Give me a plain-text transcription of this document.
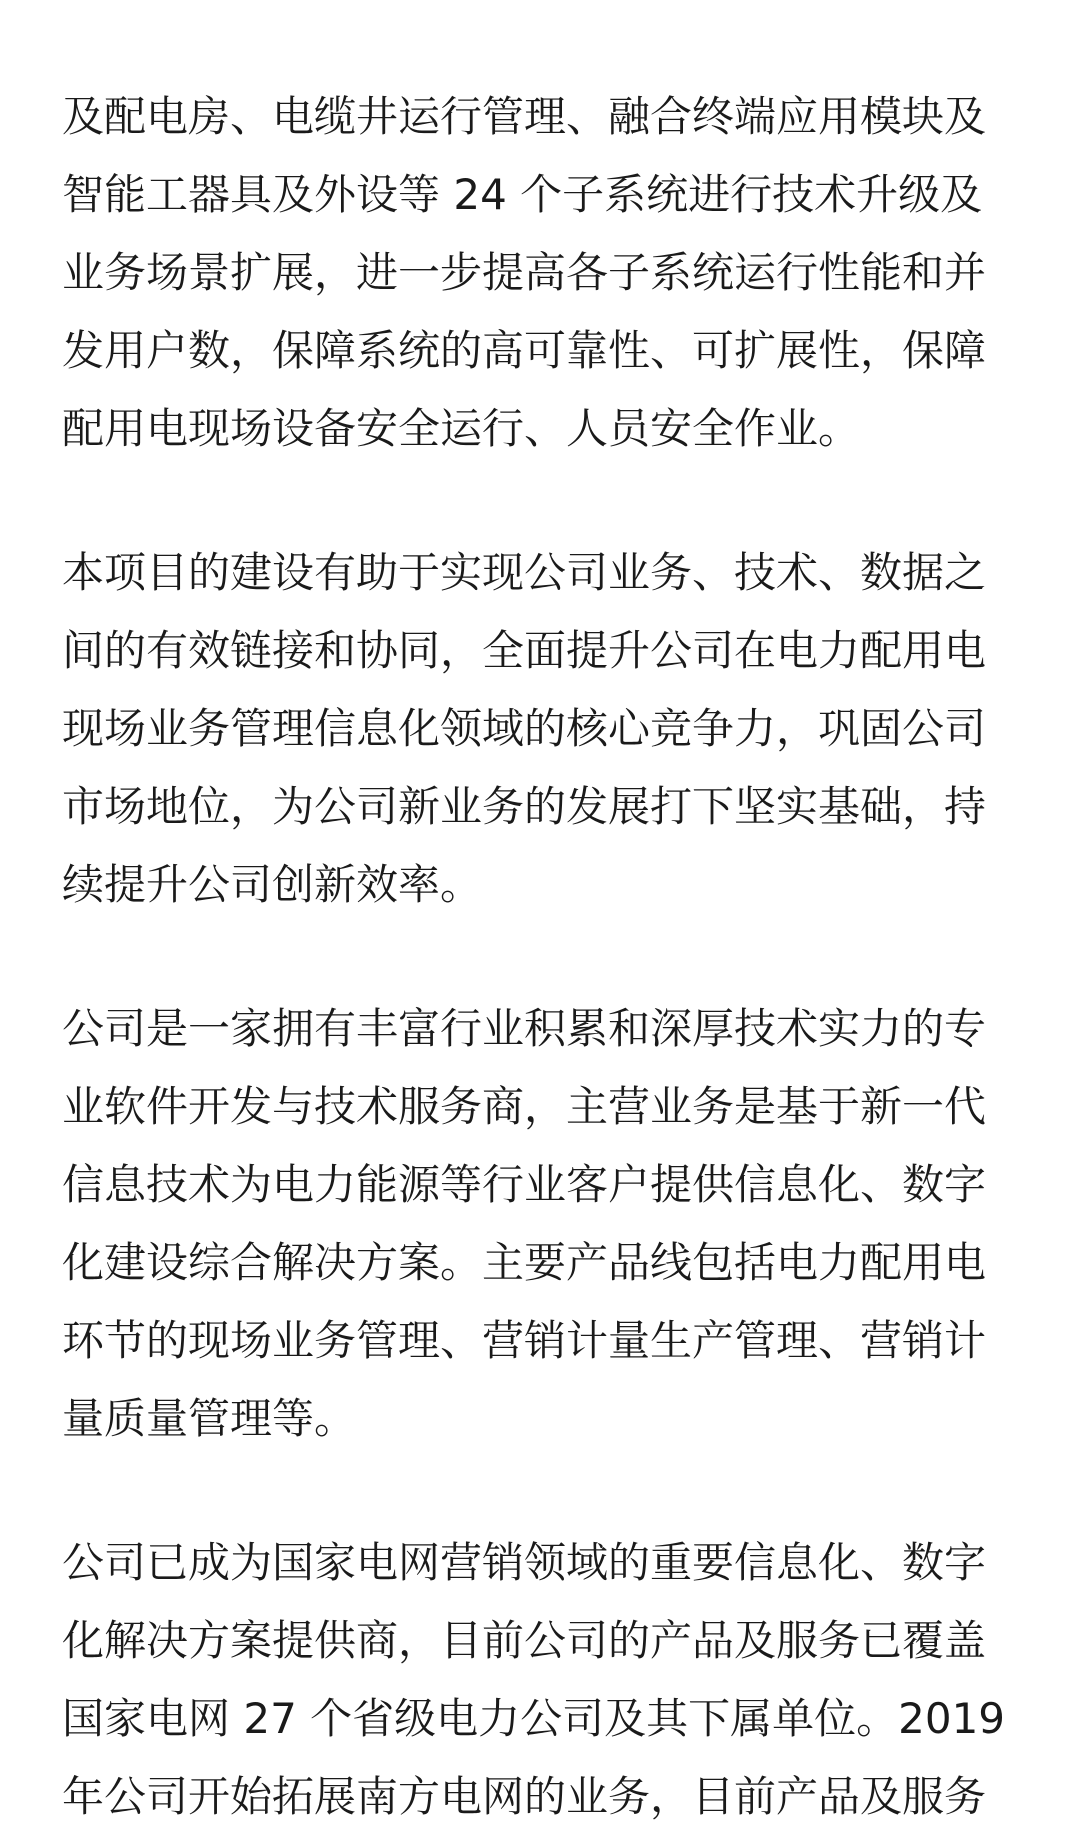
及配电房、电缆井运行管理、融合终端应用模块及
智能工器具及外设等 24 个子系统进行技术升级及
业务场景扩展，进一步提高各子系统运行性能和并
发用户数，保障系统的高可靠性、可扩展性，保障
配用电现场设备安全运行、人员安全作业。

本项目的建设有助于实现公司业务、技术、数据之
间的有效链接和协同，全面提升公司在电力配用电
现场业务管理信息化领域的核心竞争力，巩固公司
市场地位，为公司新业务的发展打下坚实基础，持
续提升公司创新效率。

公司是一家拥有丰富行业积累和深厚技术实力的专
业软件开发与技术服务商，主营业务是基于新一代
信息技术为电力能源等行业客户提供信息化、数字
化建设综合解决方案。主要产品线包括电力配用电
环节的现场业务管理、营销计量生产管理、营销计
量质量管理等。

公司已成为国家电网营销领域的重要信息化、数字
化解决方案提供商，目前公司的产品及服务已覆盖
国家电网 27 个省级电力公司及其下属单位。2019
年公司开始拓展南方电网的业务，目前产品及服务
